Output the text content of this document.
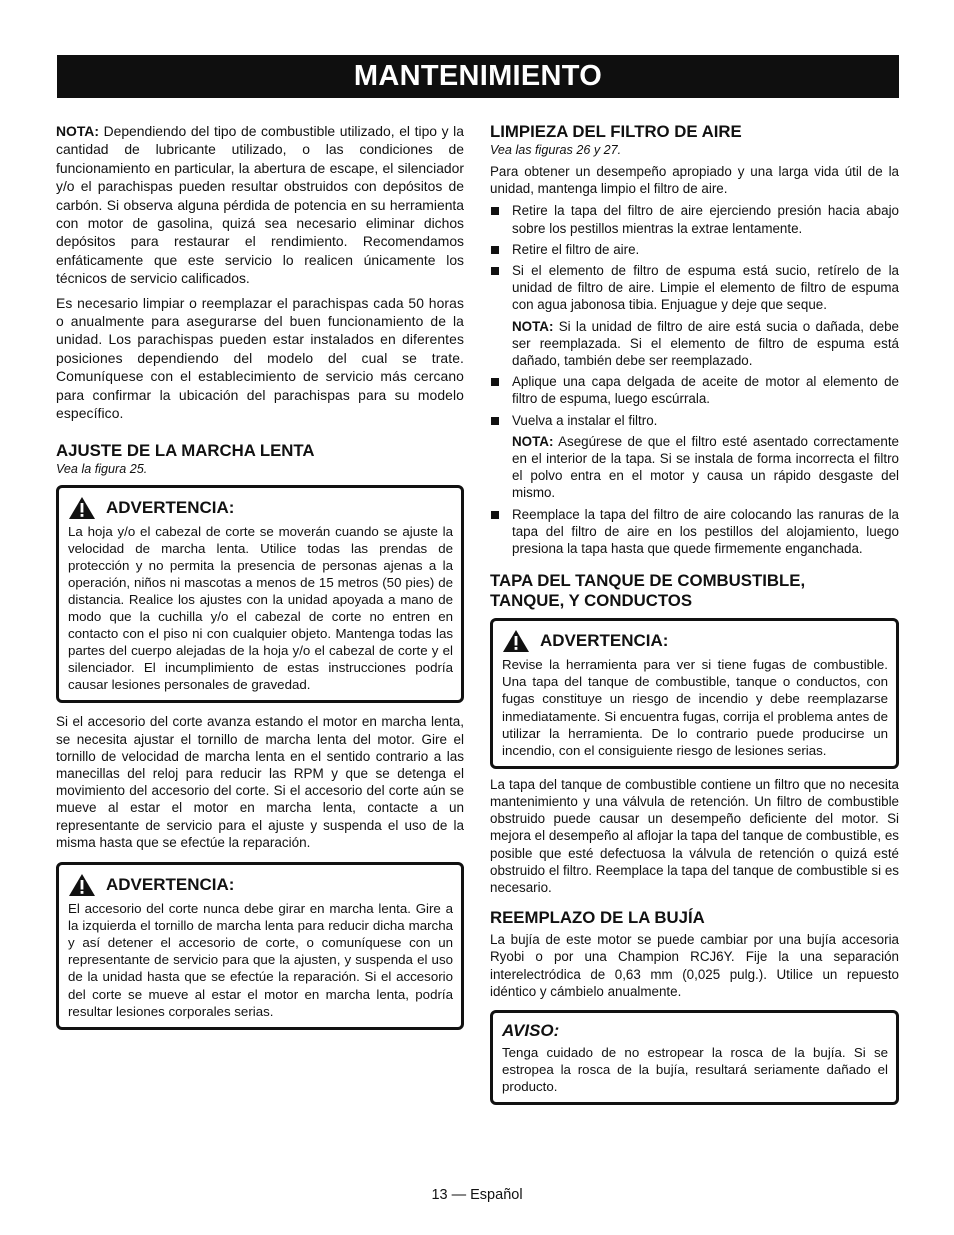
MANTENIMIENTO

NOTA: Dependiendo del tipo de combustible utilizado, el tipo y la cantidad de lubricante utilizado, o las condiciones de funcionamiento en particular, la abertura de escape, el silenciador y/o el parachispas pueden resultar obstruidos con depósitos de carbón. Si observa alguna pérdida de potencia en su herramienta con motor de gasolina, quizá sea necesario eliminar dichos depósitos para restaurar el rendimiento. Recomendamos enfáticamente que este servicio lo realicen únicamente los técnicos de servicio calificados.

Es necesario limpiar o reemplazar el parachispas cada 50 horas o anualmente para asegurarse del buen funcionamiento de la unidad. Los parachispas pueden estar instalados en diferentes posiciones dependiendo del modelo del cual se trate. Comuníquese con el establecimiento de servicio más cercano para confirmar la ubicación del parachispas para su modelo específico.

AJUSTE DE LA MARCHA LENTA

Vea la figura 25.

ADVERTENCIA:

La hoja y/o el cabezal de corte se moverán cuando se ajuste la velocidad de marcha lenta. Utilice todas las prendas de protección y no permita la presencia de personas ajenas a la operación, niños ni mascotas a menos de 15 metros (50 pies) de distancia. Realice los ajustes con la unidad apoyada a mano de modo que la cuchilla y/o el cabezal de corte no entren en contacto con el piso ni con cualquier objeto. Mantenga todas las partes del cuerpo alejadas de la hoja y/o el cabezal de corte y el silenciador. El incumplimiento de estas instrucciones podría causar lesiones personales de gravedad.

Si el accesorio del corte avanza estando el motor en marcha lenta, se necesita ajustar el tornillo de marcha lenta del motor. Gire el tornillo de velocidad de marcha lenta en el sentido contrario a las manecillas del reloj para reducir las RPM y que se detenga el movimiento del accesorio del corte. Si el accesorio del corte aún se mueve al estar el motor en marcha lenta, contacte a un representante de servicio para el ajuste y suspenda el uso de la misma hasta que se efectúe la reparación.

ADVERTENCIA:

El accesorio del corte nunca debe girar en marcha lenta. Gire a la izquierda el tornillo de marcha lenta para reducir dicha marcha y así detener el accesorio de corte, o comuníquese con un representante de servicio para que la ajusten, y suspenda el uso de la unidad hasta que se efectúe la reparación. Si el accesorio del corte se mueve al estar el motor en marcha lenta, podría resultar lesiones corporales serias.

LIMPIEZA DEL FILTRO DE AIRE

Vea las figuras 26 y 27.

Para obtener un desempeño apropiado y una larga vida útil de la unidad, mantenga limpio el filtro de aire.

Retire la tapa del filtro de aire ejerciendo presión hacia abajo sobre los pestillos mientras la extrae lentamente.
Retire el filtro de aire.
Si el elemento de filtro de espuma está sucio, retírelo de la unidad de filtro de aire. Limpie el elemento de filtro de espuma con agua jabonosa tibia. Enjuague y deje que seque.

NOTA: Si la unidad de filtro de aire está sucia o dañada, debe ser reemplazada. Si el elemento de filtro de espuma está dañado, también debe ser reemplazado.

Aplique una capa delgada de aceite de motor al elemento de filtro de espuma, luego escúrrala.
Vuelva a instalar el filtro.

NOTA: Asegúrese de que el filtro esté asentado correctamente en el interior de la tapa. Si se instala de forma incorrecta el filtro el polvo entra en el motor y causa un rápido desgaste del mismo.

Reemplace la tapa del filtro de aire colocando las ranuras de la tapa del filtro de aire en los pestillos del alojamiento, luego presiona la tapa hasta que quede firmemente enganchada.

TAPA DEL TANQUE DE COMBUSTIBLE, TANQUE, Y CONDUCTOS

ADVERTENCIA:

Revise la herramienta para ver si tiene fugas de combustible. Una tapa del tanque de combustible, tanque o conductos, con fugas constituye un riesgo de incendio y debe reemplazarse inmediatamente. Si encuentra fugas, corrija el problema antes de utilizar la herramienta. De lo contrario puede producirse un incendio, con el consiguiente riesgo de lesiones serias.

La tapa del tanque de combustible contiene un filtro que no necesita mantenimiento y una válvula de retención. Un filtro de combustible obstruido puede causar un desempeño deficiente del motor. Si mejora el desempeño al aflojar la tapa del tanque de combustible, es posible que esté defectuosa la válvula de retención o quizá esté obstruido el filtro. Reemplace la tapa del tanque de combustible si es necesario.

REEMPLAZO DE LA BUJÍA

La bujía de este motor se puede cambiar por una bujía accesoria Ryobi o por una Champion RCJ6Y. Fije la una separación interelectródica de 0,63 mm (0,025 pulg.). Utilice un repuesto idéntico y cámbielo anualmente.

AVISO:

Tenga cuidado de no estropear la rosca de la bujía. Si se estropea la rosca de la bujía, resultará seriamente dañado el producto.

13 — Español
